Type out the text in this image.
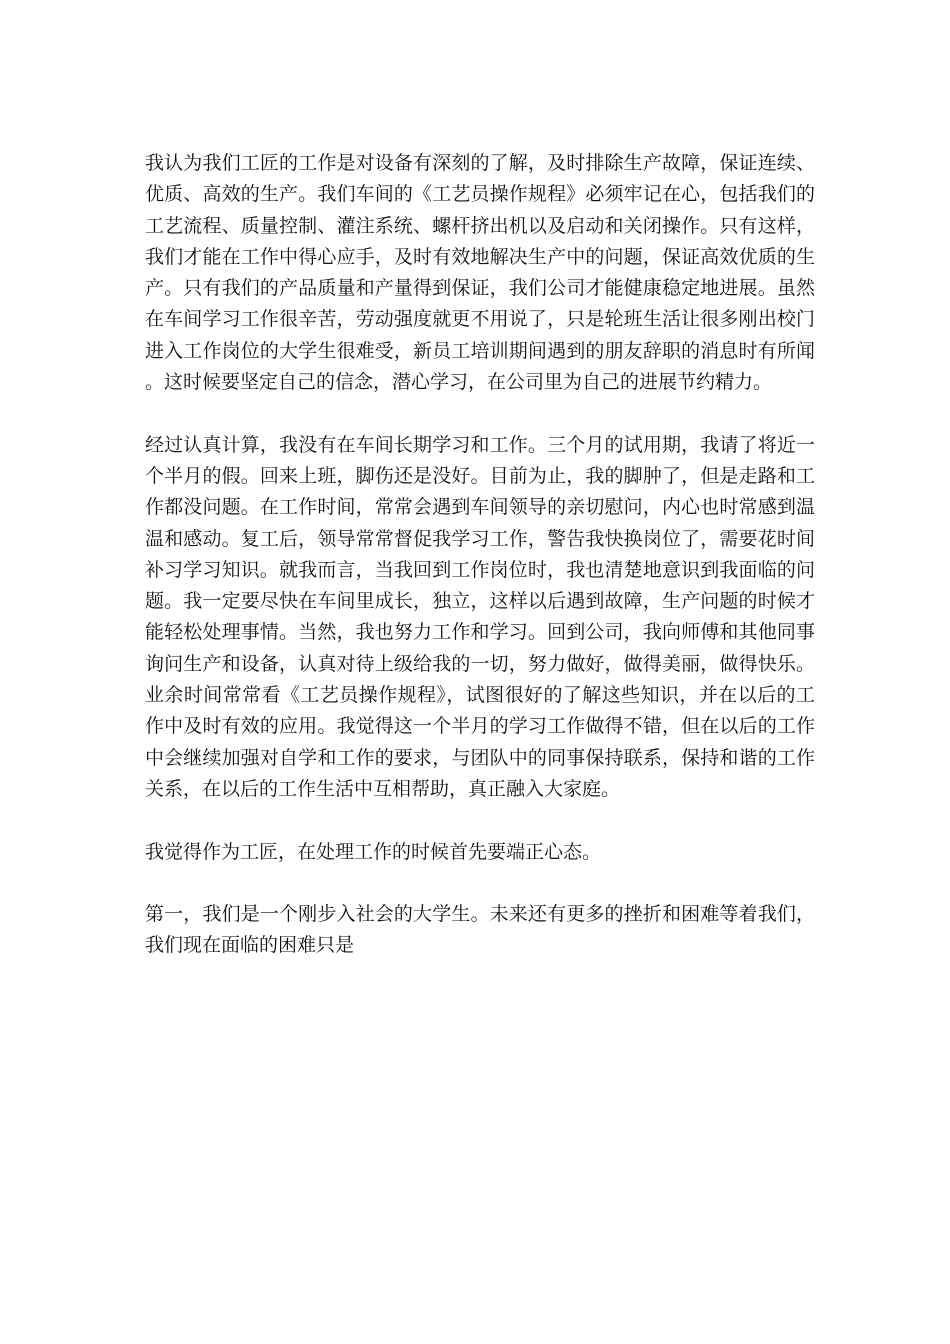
我认为我们工匠的工作是对设备有深刻的了解，及时排除生产故障，保证连续、优质、高效的生产。我们车间的《工艺员操作规程》必须牢记在心，包括我们的工艺流程、质量控制、灌注系统、螺杆挤出机以及启动和关闭操作。只有这样，我们才能在工作中得心应手，及时有效地解决生产中的问题，保证高效优质的生产。只有我们的产品质量和产量得到保证，我们公司才能健康稳定地进展。虽然在车间学习工作很辛苦，劳动强度就更不用说了，只是轮班生活让很多刚出校门进入工作岗位的大学生很难受，新员工培训期间遇到的朋友辞职的消息时有所闻。这时候要坚定自己的信念，潜心学习，在公司里为自己的进展节约精力。

经过认真计算，我没有在车间长期学习和工作。三个月的试用期，我请了将近一个半月的假。回来上班，脚伤还是没好。目前为止，我的脚肿了，但是走路和工作都没问题。在工作时间，常常会遇到车间领导的亲切慰问，内心也时常感到温温和感动。复工后，领导常常督促我学习工作，警告我快换岗位了，需要花时间补习学习知识。就我而言，当我回到工作岗位时，我也清楚地意识到我面临的问题。我一定要尽快在车间里成长，独立，这样以后遇到故障，生产问题的时候才能轻松处理事情。当然，我也努力工作和学习。回到公司，我向师傅和其他同事询问生产和设备，认真对待上级给我的一切，努力做好，做得美丽，做得快乐。业余时间常常看《工艺员操作规程》，试图很好的了解这些知识，并在以后的工作中及时有效的应用。我觉得这一个半月的学习工作做得不错，但在以后的工作中会继续加强对自学和工作的要求，与团队中的同事保持联系，保持和谐的工作关系，在以后的工作生活中互相帮助，真正融入大家庭。

我觉得作为工匠，在处理工作的时候首先要端正心态。

第一，我们是一个刚步入社会的大学生。未来还有更多的挫折和困难等着我们，我们现在面临的困难只是
